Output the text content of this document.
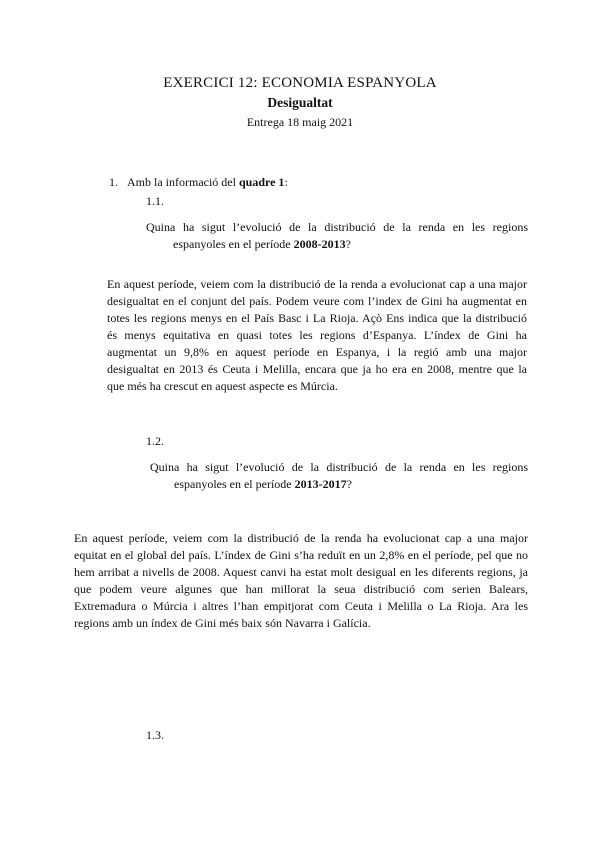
EXERCICI 12: ECONOMIA ESPANYOLA
Desigualtat
Entrega 18 maig 2021
1. Amb la informació del quadre 1:
1.1.
Quina ha sigut l’evolució de la distribució de la renda en les regions
espanyoles en el període 2008-2013?
En aquest període, veiem com la distribució de la renda a evolucionat cap a una major
desigualtat en el conjunt del país. Podem veure com l’index de Gini ha augmentat en
totes les regions menys en el País Basc i La Rioja. Açò Ens indica que la distribució
és menys equitativa en quasi totes les regions d’Espanya. L’índex de Gini ha
augmentat un 9,8% en aquest període en Espanya, i la regió amb una major
desigualtat en 2013 és Ceuta i Melilla, encara que ja ho era en 2008, mentre que la
que més ha crescut en aquest aspecte es Múrcia.
1.2.
Quina ha sigut l’evolució de la distribució de la renda en les regions
espanyoles en el període 2013-2017?
En aquest període, veiem com la distribució de la renda ha evolucionat cap a una major
equitat en el global del país. L’índex de Gini s’ha reduït en un 2,8% en el període, pel que no
hem arribat a nivells de 2008. Aquest canvi ha estat molt desigual en les diferents regions, ja
que podem veure algunes que han millorat la seua distribució com serien Balears,
Extremadura o Múrcia i altres l’han empitjorat com Ceuta i Melilla o La Rioja. Ara les
regions amb un índex de Gini més baix són Navarra i Galícia.
1.3.
